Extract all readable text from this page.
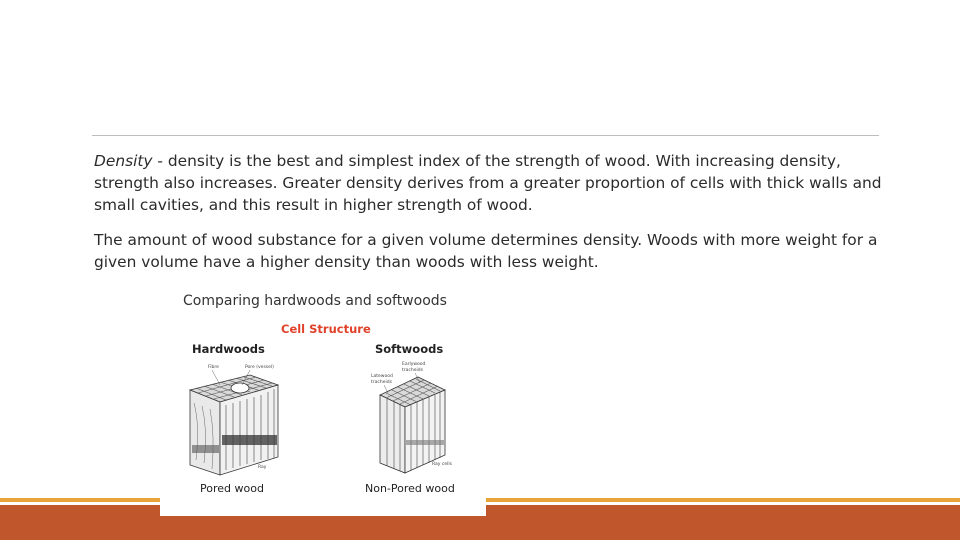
Density - density is the best and simplest index of the strength of wood. With increasing density, strength also increases. Greater density derives from a greater proportion of cells with thick walls and small cavities, and this result in higher strength of wood.

The amount of wood substance for a given volume determines density. Woods with more weight for a given volume have a higher density than woods with less weight.

Comparing hardwoods and softwoods
Cell Structure
Hardwoods	Softwoods
Fibre	Pore (vessel)
Ray
Earlywood
tracheids
Latewood
tracheids
Ray cells
Pored wood	Non-Pored wood
